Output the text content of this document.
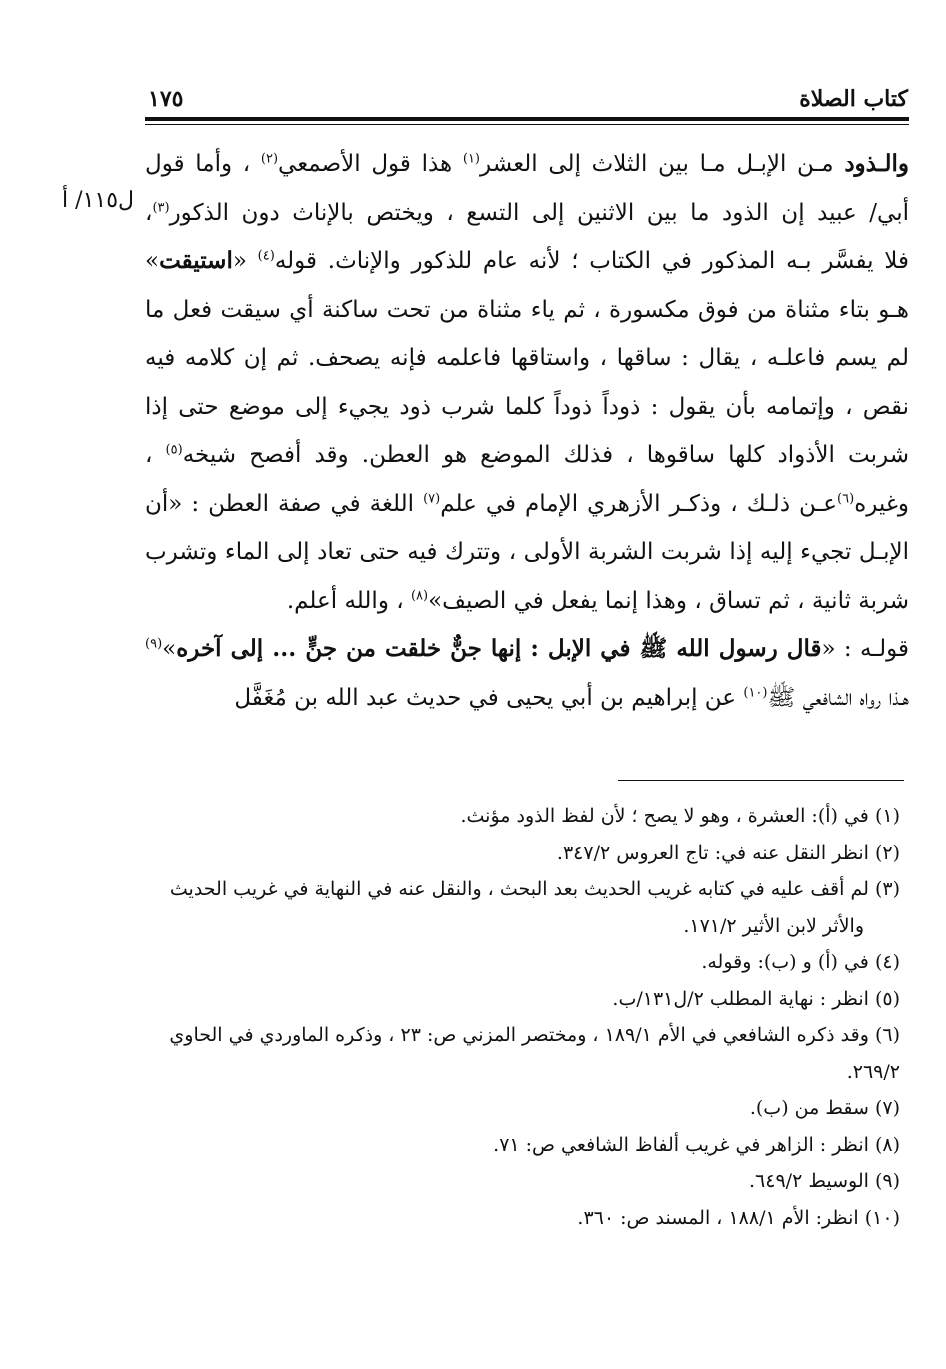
كتاب الصلاة
١٧٥
ل١١٥/ أ
والـذود مـن الإبـل مـا بين الثلاث إلى العشر$^{(١)}$ هذا قول الأصمعي$^{(٢)}$ ، وأما قول
أبي/ عبيد إن الذود ما بين الاثنين إلى التسع ، ويختص بالإناث دون الذكور$^{(٣)}$،
فلا يفسَّر بـه المذكور في الكتاب ؛ لأنه عام للذكور والإناث. قوله$^{(٤)}$ «استيقت»
هـو بتاء مثناة من فوق مكسورة ، ثم ياء مثناة من تحت ساكنة أي سيقت فعل ما
لم يسم فاعلـه ، يقال : ساقها ، واستاقها فاعلمه فإنه يصحف. ثم إن كلامه فيه
نقص ، وإتمامه بأن يقول : ذوداً ذوداً كلما شرب ذود يجيء إلى موضع حتى إذا
شربت الأذواد كلها ساقوها ، فذلك الموضع هو العطن. وقد أفصح شيخه$^{(٥)}$ ،
وغيره$^{(٦)}$عـن ذلـك ، وذكـر الأزهري الإمام في علم$^{(٧)}$ اللغة في صفة العطن : «أن
الإبـل تجيء إليه إذا شربت الشربة الأولى ، وتترك فيه حتى تعاد إلى الماء وتشرب
شربة ثانية ، ثم تساق ، وهذا إنما يفعل في الصيف»$^{(٨)}$ ، والله أعلم.
قولـه : «قال رسول الله ﷺ في الإبل : إنها جنٌّ خلقت من جنٍّ ... إلى آخره»$^{(٩)}$
هـذا رواه الشافعي ﷺ$^{(١٠)}$ عن إبراهيم بن أبي يحيى في حديث عبد الله بن مُغَفَّل

(١) في (أ): العشرة ، وهو لا يصح ؛ لأن لفظ الذود مؤنث.

(٢) انظر النقل عنه في: تاج العروس ٣٤٧/٢.

(٣) لم أقف عليه في كتابه غريب الحديث بعد البحث ، والنقل عنه في النهاية في غريب الحديث
والأثر لابن الأثير ١٧١/٢.

(٤) في (أ) و (ب): وقوله.

(٥) انظر : نهاية المطلب ٢/ل١٣١/ب.

(٦) وقد ذكره الشافعي في الأم ١٨٩/١ ، ومختصر المزني ص: ٢٣ ، وذكره الماوردي في الحاوي ٢٦٩/٢.

(٧) سقط من (ب).

(٨) انظر : الزاهر في غريب ألفاظ الشافعي ص: ٧١.

(٩) الوسيط ٦٤٩/٢.

(١٠) انظر: الأم ١٨٨/١ ، المسند ص: ٣٦٠.
